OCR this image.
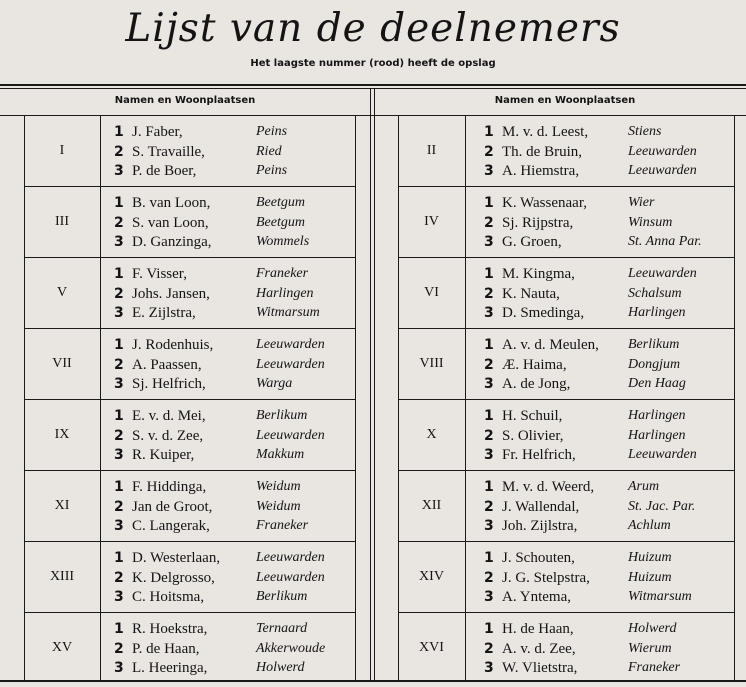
Lijst van de deelnemers
Het laagste nummer (rood) heeft de opslag
Namen en Woonplaatsen	Namen en Woonplaatsen
I
1 J. Faber,	Peins
2 S. Travaille,	Ried
3 P. de Boer,	Peins
II
1 M. v. d. Leest,	Stiens
2 Th. de Bruin,	Leeuwarden
3 A. Hiemstra,	Leeuwarden
III
1 B. van Loon,	Beetgum
2 S. van Loon,	Beetgum
3 D. Ganzinga,	Wommels
IV
1 K. Wassenaar,	Wier
2 Sj. Rijpstra,	Winsum
3 G. Groen,	St. Anna Par.
V
1 F. Visser,	Franeker
2 Johs. Jansen,	Harlingen
3 E. Zijlstra,	Witmarsum
VI
1 M. Kingma,	Leeuwarden
2 K. Nauta,	Schalsum
3 D. Smedinga,	Harlingen
VII
1 J. Rodenhuis,	Leeuwarden
2 A. Paassen,	Leeuwarden
3 Sj. Helfrich,	Warga
VIII
1 A. v. d. Meulen, Berlikum
2 Æ. Haima,	Dongjum
3 A. de Jong,	Den Haag
IX
1 E. v. d. Mei,	Berlikum
2 S. v. d. Zee,	Leeuwarden
3 R. Kuiper,	Makkum
X
1 H. Schuil,	Harlingen
2 S. Olivier,	Harlingen
3 Fr. Helfrich,	Leeuwarden
XI
1 F. Hiddinga,	Weidum
2 Jan de Groot,	Weidum
3 C. Langerak,	Franeker
XII
1 M. v. d. Weerd, Arum
2 J. Wallendal,	St. Jac. Par.
3 Joh. Zijlstra,	Achlum
XIII
1 D. Westerlaan,	Leeuwarden
2 K. Delgrosso,	Leeuwarden
3 C. Hoitsma,	Berlikum
XIV
1 J. Schouten,	Huizum
2 J. G. Stelpstra,	Huizum
3 A. Yntema,	Witmarsum
XV
1 R. Hoekstra,	Ternaard
2 P. de Haan,	Akkerwoude
3 L. Heeringa,	Holwerd
XVI
1 H. de Haan,	Holwerd
2 A. v. d. Zee,	Wierum
3 W. Vlietstra,	Franeker
